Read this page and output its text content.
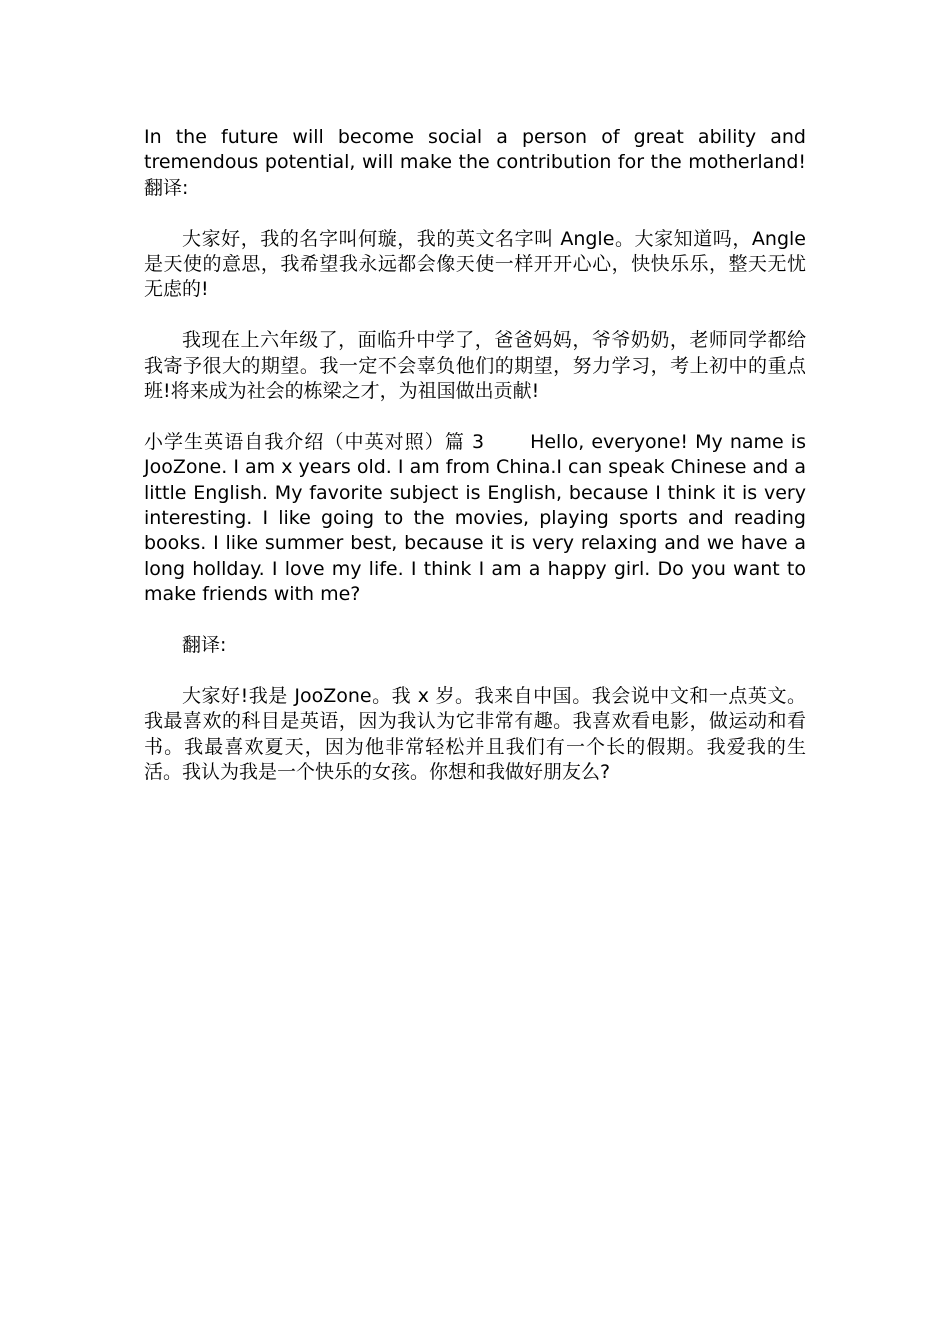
In the future will become social a person of great ability and tremendous potential, will make the contribution for the motherland! 翻译:

大家好，我的名字叫何璇，我的英文名字叫 Angle。大家知道吗，Angle 是天使的意思，我希望我永远都会像天使一样开开心心，快快乐乐，整天无忧无虑的!

我现在上六年级了，面临升中学了，爸爸妈妈，爷爷奶奶，老师同学都给我寄予很大的期望。我一定不会辜负他们的期望，努力学习，考上初中的重点班!将来成为社会的栋梁之才，为祖国做出贡献!

小学生英语自我介绍（中英对照）篇 3 Hello, everyone! My name is JooZone. I am x years old. I am from China.I can speak Chinese and a little English. My favorite subject is English, because I think it is very interesting. I like going to the movies, playing sports and reading books. I like summer best, because it is very relaxing and we have a long hollday. I love my life. I think I am a happy girl. Do you want to make friends with me?

翻译:

大家好!我是 JooZone。我 x 岁。我来自中国。我会说中文和一点英文。我最喜欢的科目是英语，因为我认为它非常有趣。我喜欢看电影，做运动和看书。我最喜欢夏天，因为他非常轻松并且我们有一个长的假期。我爱我的生活。我认为我是一个快乐的女孩。你想和我做好朋友么?
